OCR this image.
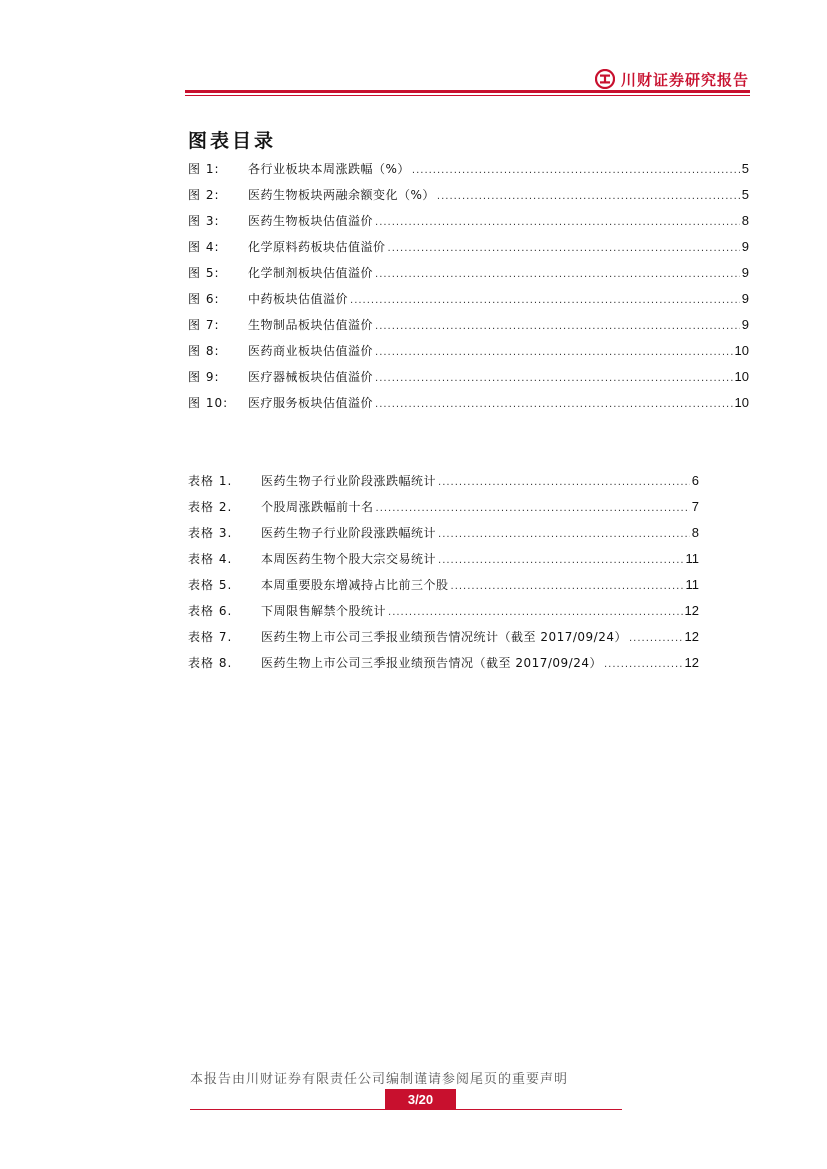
川财证券研究报告
图表目录
图 1:	各行业板块本周涨跌幅（%） .....	5
图 2:	医药生物板块两融余额变化（%） .....	5
图 3:	医药生物板块估值溢价 .....	8
图 4:	化学原料药板块估值溢价 .....	9
图 5:	化学制剂板块估值溢价 .....	9
图 6:	中药板块估值溢价 .....	9
图 7:	生物制品板块估值溢价 .....	9
图 8:	医药商业板块估值溢价 .....	10
图 9:	医疗器械板块估值溢价 .....	10
图 10:	医疗服务板块估值溢价 .....	10
表格 1.	医药生物子行业阶段涨跌幅统计 .....	6
表格 2.	个股周涨跌幅前十名 .....	7
表格 3.	医药生物子行业阶段涨跌幅统计 .....	8
表格 4.	本周医药生物个股大宗交易统计 .....	11
表格 5.	本周重要股东增减持占比前三个股 .....	11
表格 6.	下周限售解禁个股统计 .....	12
表格 7.	医药生物上市公司三季报业绩预告情况统计（截至 2017/09/24） .....	12
表格 8.	医药生物上市公司三季报业绩预告情况（截至 2017/09/24） .....	12
本报告由川财证券有限责任公司编制谨请参阅尾页的重要声明
3/20
